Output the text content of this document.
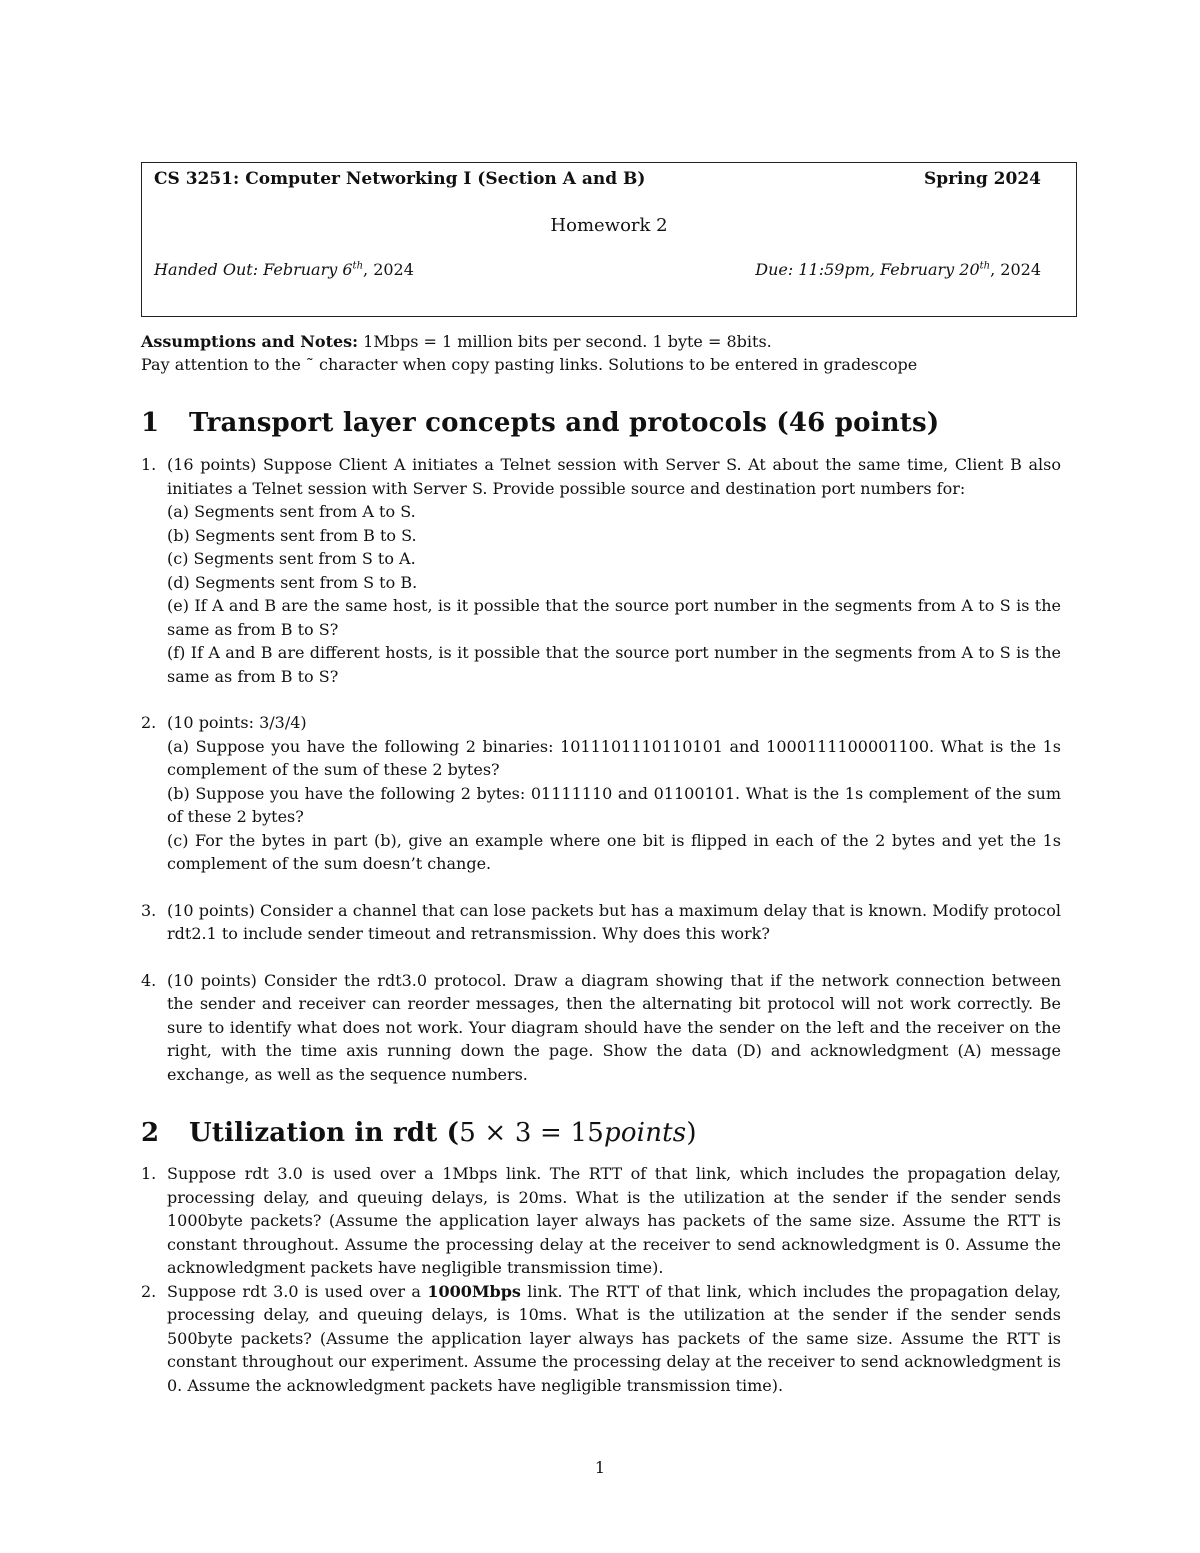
CS 3251: Computer Networking I (Section A and B)	Spring 2024
Homework 2
Handed Out: February 6th, 2024	Due: 11:59pm, February 20th, 2024
Assumptions and Notes: 1Mbps = 1 million bits per second. 1 byte = 8bits.
Pay attention to the ˜ character when copy pasting links. Solutions to be entered in gradescope
1 Transport layer concepts and protocols (46 points)
1. (16 points) Suppose Client A initiates a Telnet session with Server S. At about the same time, Client B also initiates a Telnet session with Server S. Provide possible source and destination port numbers for:
(a) Segments sent from A to S.
(b) Segments sent from B to S.
(c) Segments sent from S to A.
(d) Segments sent from S to B.
(e) If A and B are the same host, is it possible that the source port number in the segments from A to S is the same as from B to S?
(f) If A and B are different hosts, is it possible that the source port number in the segments from A to S is the same as from B to S?
2. (10 points: 3/3/4)
(a) Suppose you have the following 2 binaries: 1011101110110101 and 1000111100001100. What is the 1s complement of the sum of these 2 bytes?
(b) Suppose you have the following 2 bytes: 01111110 and 01100101. What is the 1s complement of the sum of these 2 bytes?
(c) For the bytes in part (b), give an example where one bit is flipped in each of the 2 bytes and yet the 1s complement of the sum doesn’t change.
3. (10 points) Consider a channel that can lose packets but has a maximum delay that is known. Modify protocol rdt2.1 to include sender timeout and retransmission. Why does this work?
4. (10 points) Consider the rdt3.0 protocol. Draw a diagram showing that if the network connection between the sender and receiver can reorder messages, then the alternating bit protocol will not work correctly. Be sure to identify what does not work. Your diagram should have the sender on the left and the receiver on the right, with the time axis running down the page. Show the data (D) and acknowledgment (A) message exchange, as well as the sequence numbers.
2 Utilization in rdt (5 × 3 = 15points)
1. Suppose rdt 3.0 is used over a 1Mbps link. The RTT of that link, which includes the propagation delay, processing delay, and queuing delays, is 20ms. What is the utilization at the sender if the sender sends 1000byte packets? (Assume the application layer always has packets of the same size. Assume the RTT is constant throughout. Assume the processing delay at the receiver to send acknowledgment is 0. Assume the acknowledgment packets have negligible transmission time).
2. Suppose rdt 3.0 is used over a 1000Mbps link. The RTT of that link, which includes the propagation delay, processing delay, and queuing delays, is 10ms. What is the utilization at the sender if the sender sends 500byte packets? (Assume the application layer always has packets of the same size. Assume the RTT is constant throughout our experiment. Assume the processing delay at the receiver to send acknowledgment is 0. Assume the acknowledgment packets have negligible transmission time).
1
